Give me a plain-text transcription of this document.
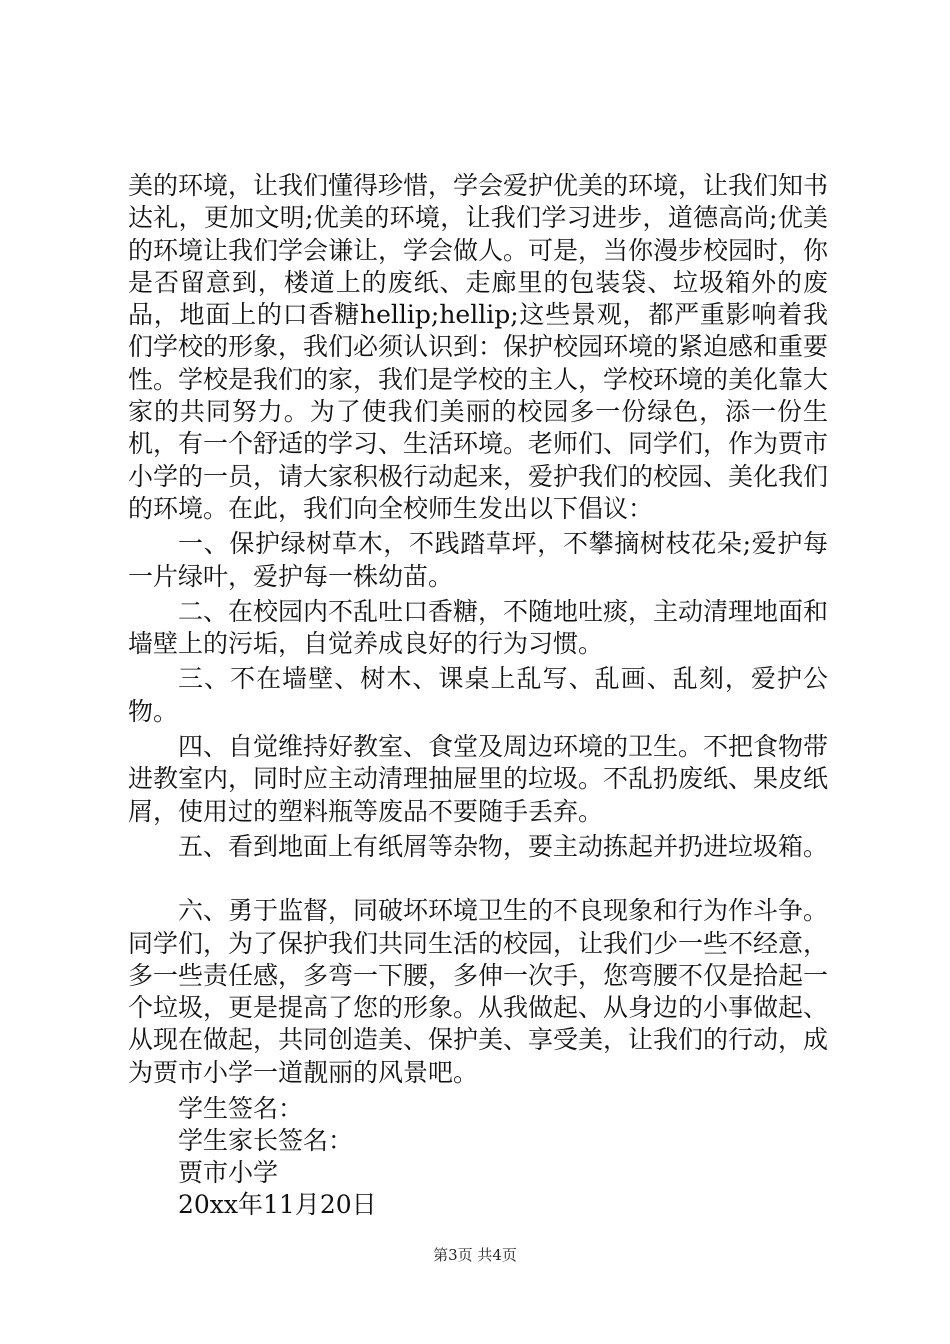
美的环境，让我们懂得珍惜，学会爱护优美的环境，让我们知书达礼，更加文明;优美的环境，让我们学习进步，道德高尚;优美的环境让我们学会谦让，学会做人。可是，当你漫步校园时，你是否留意到，楼道上的废纸、走廊里的包装袋、垃圾箱外的废品，地面上的口香糖hellip;hellip;这些景观，都严重影响着我们学校的形象，我们必须认识到：保护校园环境的紧迫感和重要性。学校是我们的家，我们是学校的主人，学校环境的美化靠大家的共同努力。为了使我们美丽的校园多一份绿色，添一份生机，有一个舒适的学习、生活环境。老师们、同学们，作为贾市小学的一员，请大家积极行动起来，爱护我们的校园、美化我们的环境。在此，我们向全校师生发出以下倡议：

一、保护绿树草木，不践踏草坪，不攀摘树枝花朵;爱护每一片绿叶，爱护每一株幼苗。

二、在校园内不乱吐口香糖，不随地吐痰，主动清理地面和墙壁上的污垢，自觉养成良好的行为习惯。

三、不在墙壁、树木、课桌上乱写、乱画、乱刻，爱护公物。

四、自觉维持好教室、食堂及周边环境的卫生。不把食物带进教室内，同时应主动清理抽屉里的垃圾。不乱扔废纸、果皮纸屑，使用过的塑料瓶等废品不要随手丢弃。

五、看到地面上有纸屑等杂物，要主动拣起并扔进垃圾箱。

六、勇于监督，同破坏环境卫生的不良现象和行为作斗争。同学们，为了保护我们共同生活的校园，让我们少一些不经意，多一些责任感，多弯一下腰，多伸一次手，您弯腰不仅是拾起一个垃圾，更是提高了您的形象。从我做起、从身边的小事做起、从现在做起，共同创造美、保护美、享受美，让我们的行动，成为贾市小学一道靓丽的风景吧。

学生签名：

学生家长签名：

贾市小学

20xx年11月20日

第3页 共4页
